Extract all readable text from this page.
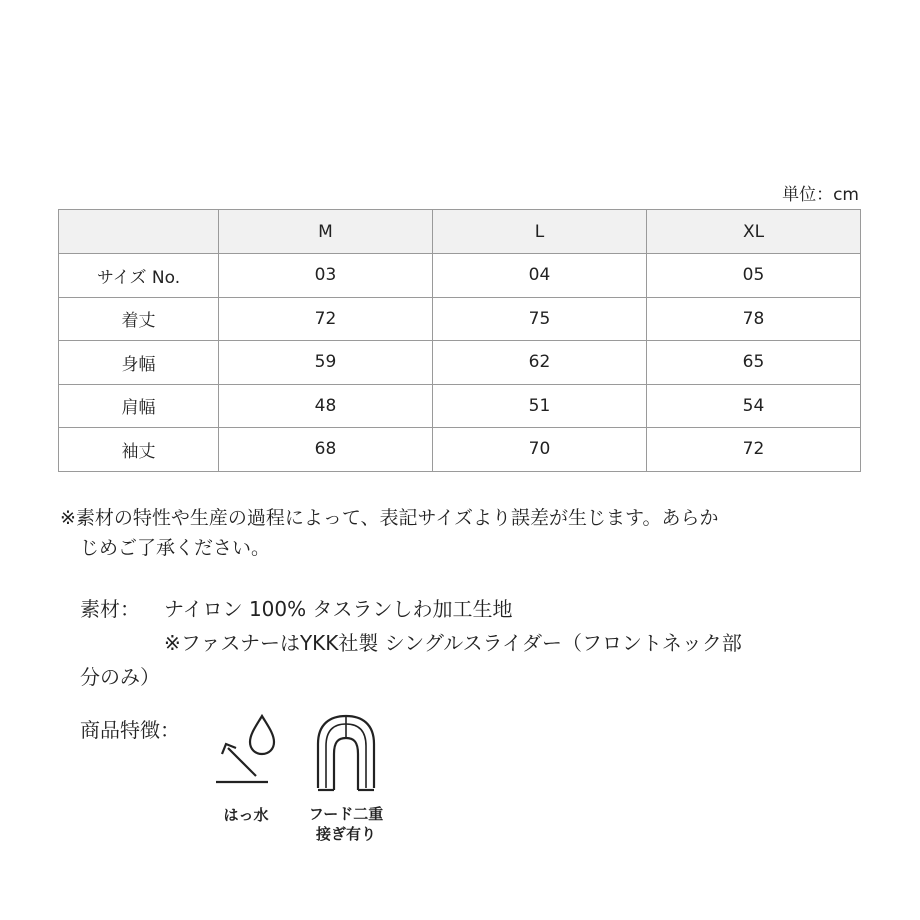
単位：cm
	M	L	XL
サイズ No.	03	04	05
着丈	72	75	78
身幅	59	62	65
肩幅	48	51	54
袖丈	68	70	72
※素材の特性や生産の過程によって、表記サイズより誤差が生じます。あらか
じめご了承ください。
素材： ナイロン 100% タスランしわ加工生地
※ファスナーはYKK社製 シングルスライダー（フロントネック部
分のみ）
商品特徴：
はっ水	フード二重
接ぎ有り
